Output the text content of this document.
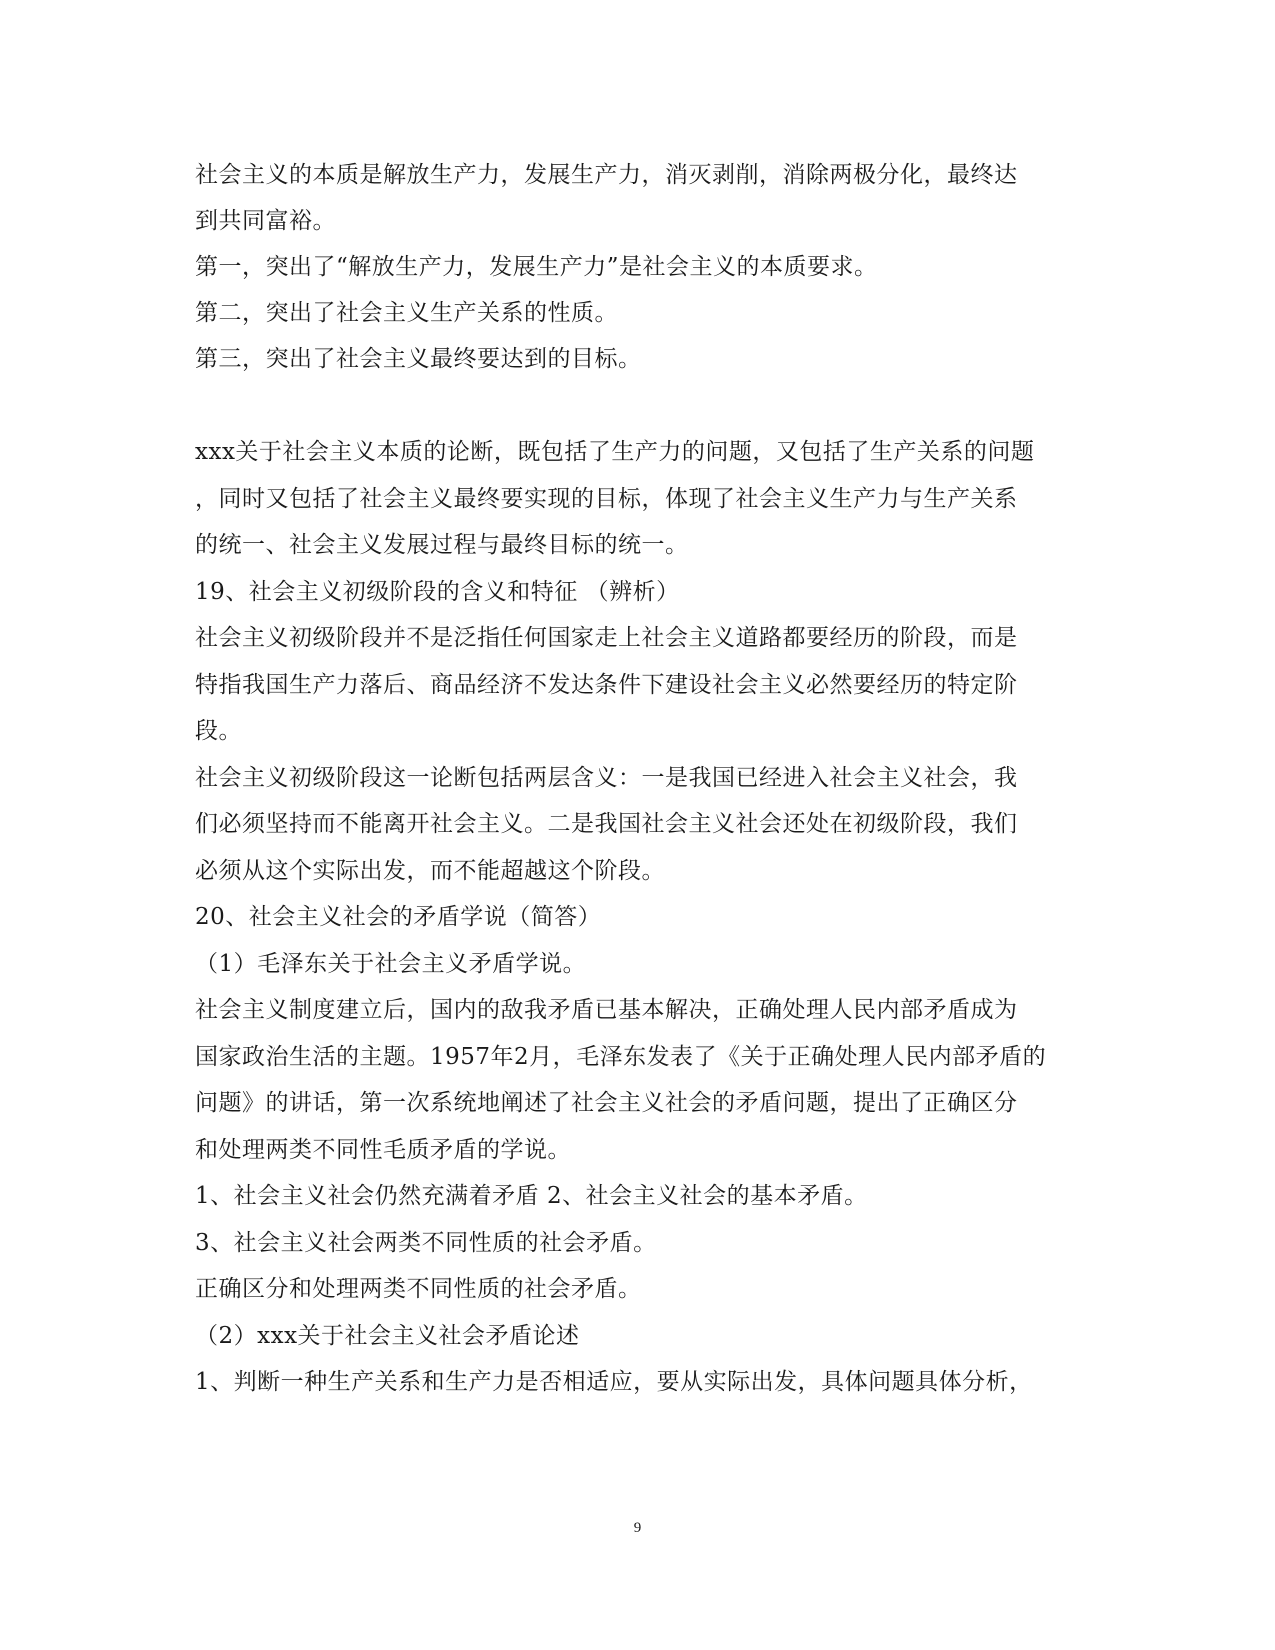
社会主义的本质是解放生产力，发展生产力，消灭剥削，消除两极分化，最终达
到共同富裕。
第一，突出了“解放生产力，发展生产力”是社会主义的本质要求。
第二，突出了社会主义生产关系的性质。
第三，突出了社会主义最终要达到的目标。
xxx关于社会主义本质的论断，既包括了生产力的问题，又包括了生产关系的问题
，同时又包括了社会主义最终要实现的目标，体现了社会主义生产力与生产关系
的统一、社会主义发展过程与最终目标的统一。
19、社会主义初级阶段的含义和特征 （辨析）
社会主义初级阶段并不是泛指任何国家走上社会主义道路都要经历的阶段，而是
特指我国生产力落后、商品经济不发达条件下建设社会主义必然要经历的特定阶
段。
社会主义初级阶段这一论断包括两层含义：一是我国已经进入社会主义社会，我
们必须坚持而不能离开社会主义。二是我国社会主义社会还处在初级阶段，我们
必须从这个实际出发，而不能超越这个阶段。
20、社会主义社会的矛盾学说（简答）
（1）毛泽东关于社会主义矛盾学说。
社会主义制度建立后，国内的敌我矛盾已基本解决，正确处理人民内部矛盾成为
国家政治生活的主题。1957年2月，毛泽东发表了《关于正确处理人民内部矛盾的
问题》的讲话，第一次系统地阐述了社会主义社会的矛盾问题，提出了正确区分
和处理两类不同性毛质矛盾的学说。
1、社会主义社会仍然充满着矛盾 2、社会主义社会的基本矛盾。
3、社会主义社会两类不同性质的社会矛盾。
正确区分和处理两类不同性质的社会矛盾。
（2）xxx关于社会主义社会矛盾论述
1、判断一种生产关系和生产力是否相适应，要从实际出发，具体问题具体分析，
9
